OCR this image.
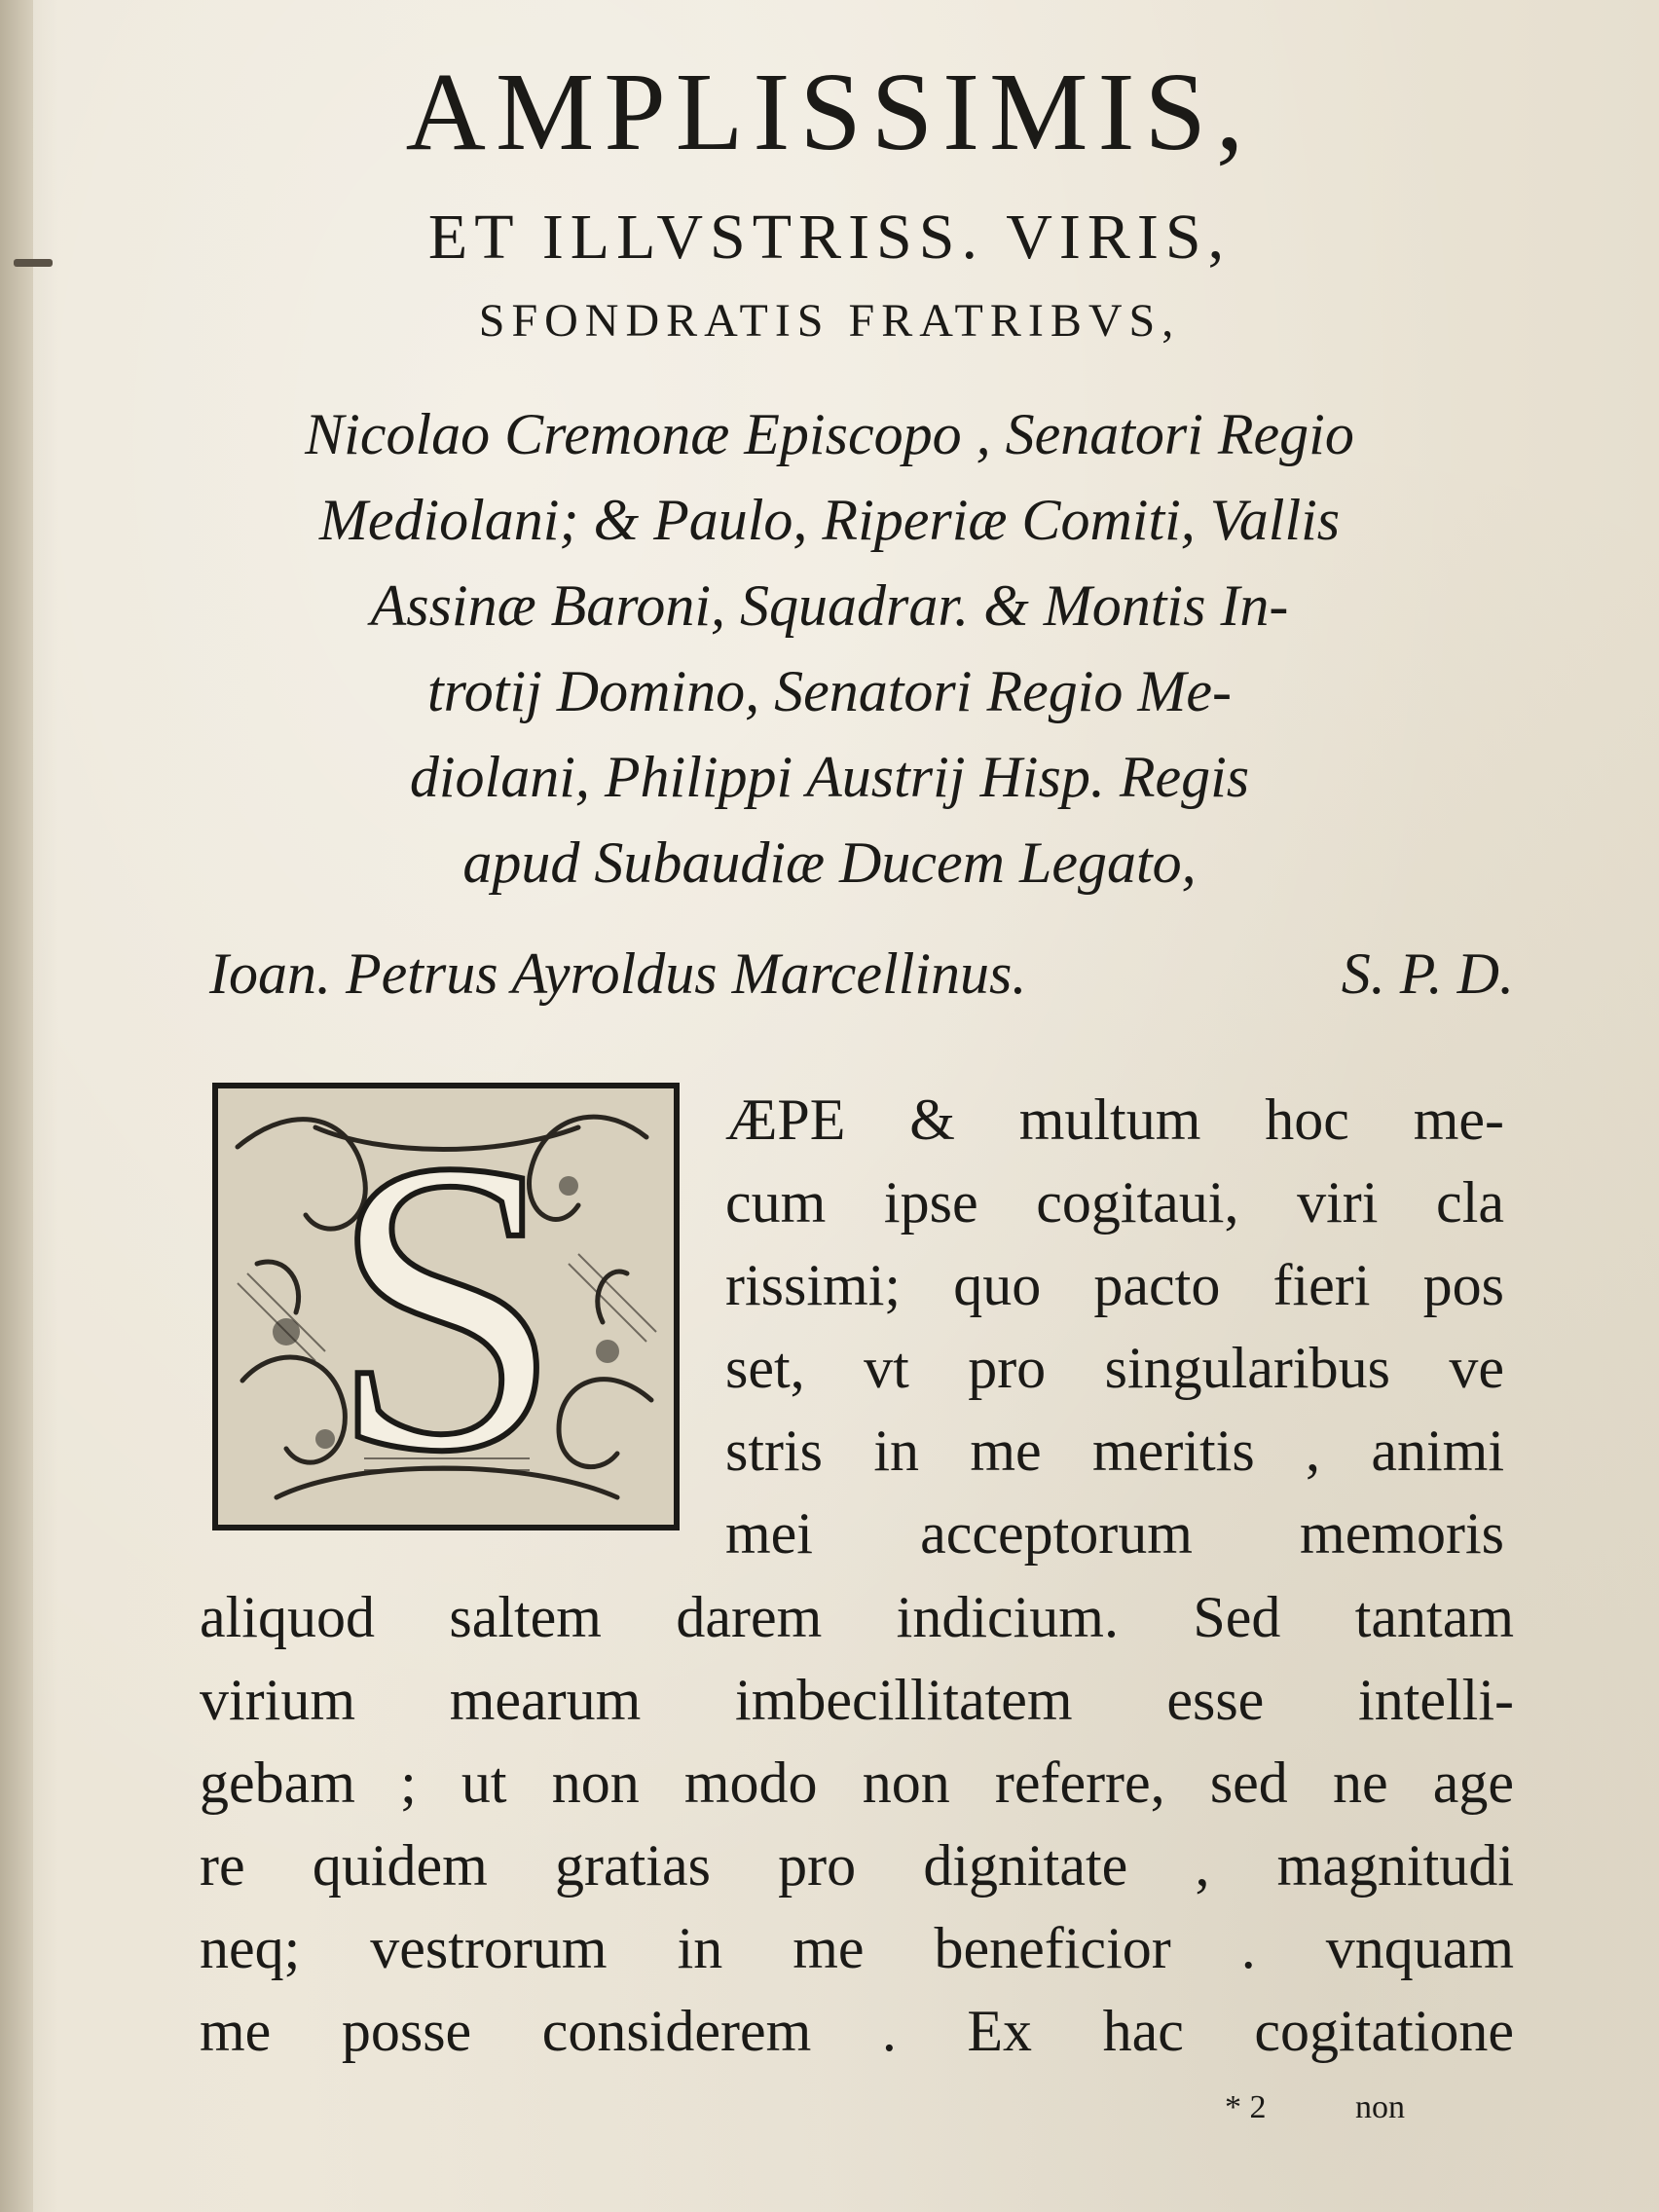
AMPLISSIMIS,
ET ILLVSTRISS. VIRIS,
SFONDRATIS FRATRIBVS,
Nicolao Cremonæ Episcopo , Senatori Regio
Mediolani; & Paulo, Riperiæ Comiti, Vallis
Assinæ Baroni, Squadrar. & Montis In-
trotij Domino, Senatori Regio Me-
diolani, Philippi Austrij Hisp. Regis
apud Subaudiæ Ducem Legato,
Ioan. Petrus Ayroldus Marcellinus.	S. P. D.
S	ÆPE & multum hoc me-
cum ipse cogitaui, viri cla
rissimi; quo pacto fieri pos
set, vt pro singularibus ve
stris in me meritis , animi
mei acceptorum memoris
aliquod saltem darem indicium. Sed tantam
virium mearum imbecillitatem esse intelli-
gebam ; ut non modo non referre, sed ne age
re quidem gratias pro dignitate , magnitudi
neq; vestrorum in me beneficior . vnquam
me posse considerem . Ex hac cogitatione
* 2	non
